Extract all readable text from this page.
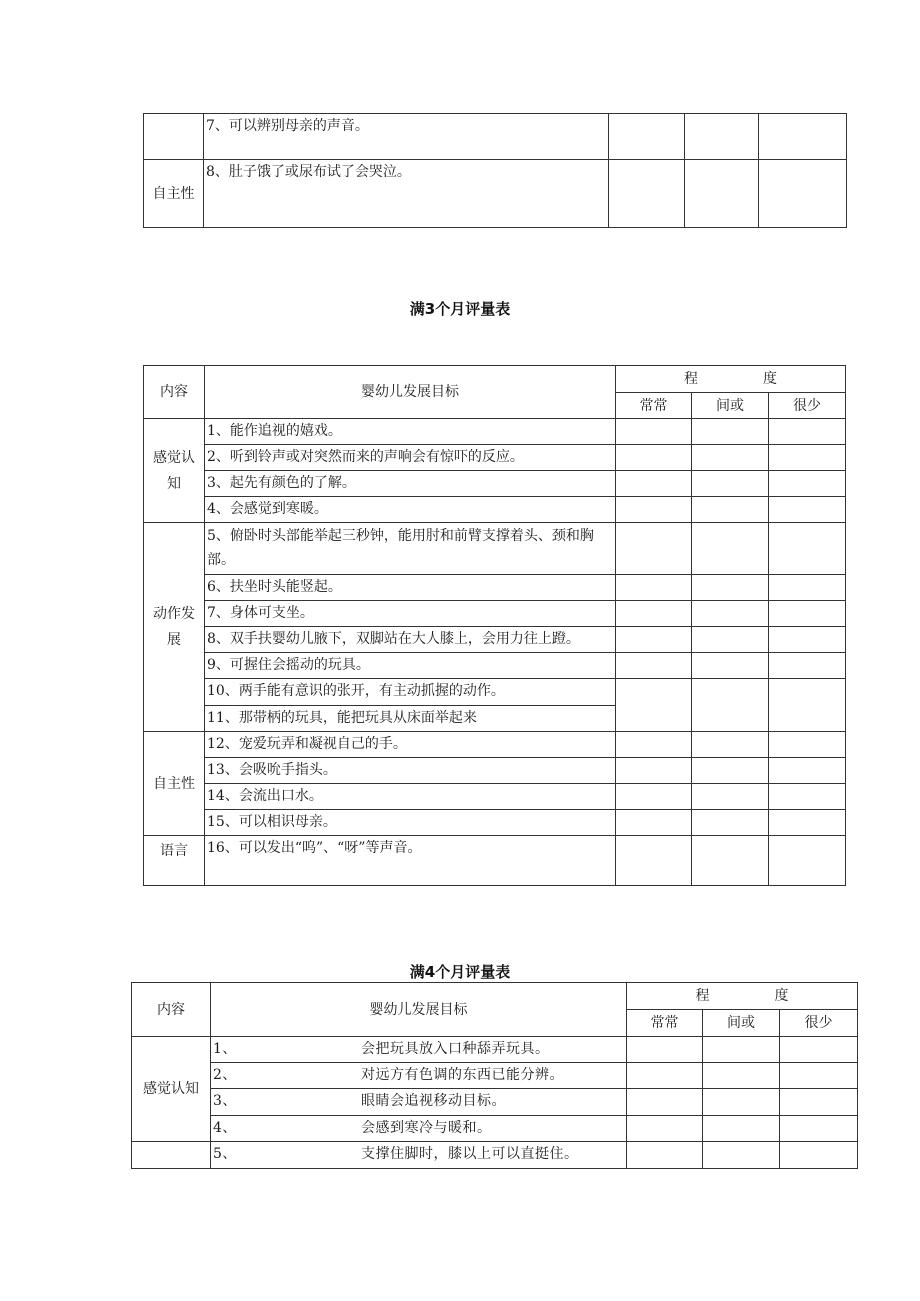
	7、可以辨别母亲的声音。			
自主性	8、肚子饿了或尿布试了会哭泣。			
满3个月评量表
内容	婴幼儿发展目标	程 度		
		常常	间或	很少

感觉认知	1、能作追视的嬉戏。			
	2、听到铃声或对突然而来的声响会有惊吓的反应。			
	3、起先有颜色的了解。			
	4、会感觉到寒暖。			

动作发展	5、俯卧时头部能举起三秒钟，能用肘和前臂支撑着头、颈和胸部。			
	6、扶坐时头能竖起。			
	7、身体可支坐。			
	8、双手扶婴幼儿腋下，双脚站在大人膝上，会用力往上蹬。			
	9、可握住会摇动的玩具。			
	10、两手能有意识的张开，有主动抓握的动作。			
	11、那带柄的玩具，能把玩具从床面举起来			
自主性	12、宠爱玩弄和凝视自己的手。			
	13、会吸吮手指头。			
	14、会流出口水。			
	15、可以相识母亲。			
语言	16、可以发出“呜”、“呀”等声音。			
满4个月评量表
内容	婴幼儿发展目标	程 度		
		常常	间或	很少
感觉认知	1、 会把玩具放入口种舔弄玩具。			
	2、 对远方有色调的东西已能分辨。			
	3、 眼睛会追视移动目标。			
	4、 会感到寒冷与暖和。			
	5、 支撑住脚时，膝以上可以直挺住。			
